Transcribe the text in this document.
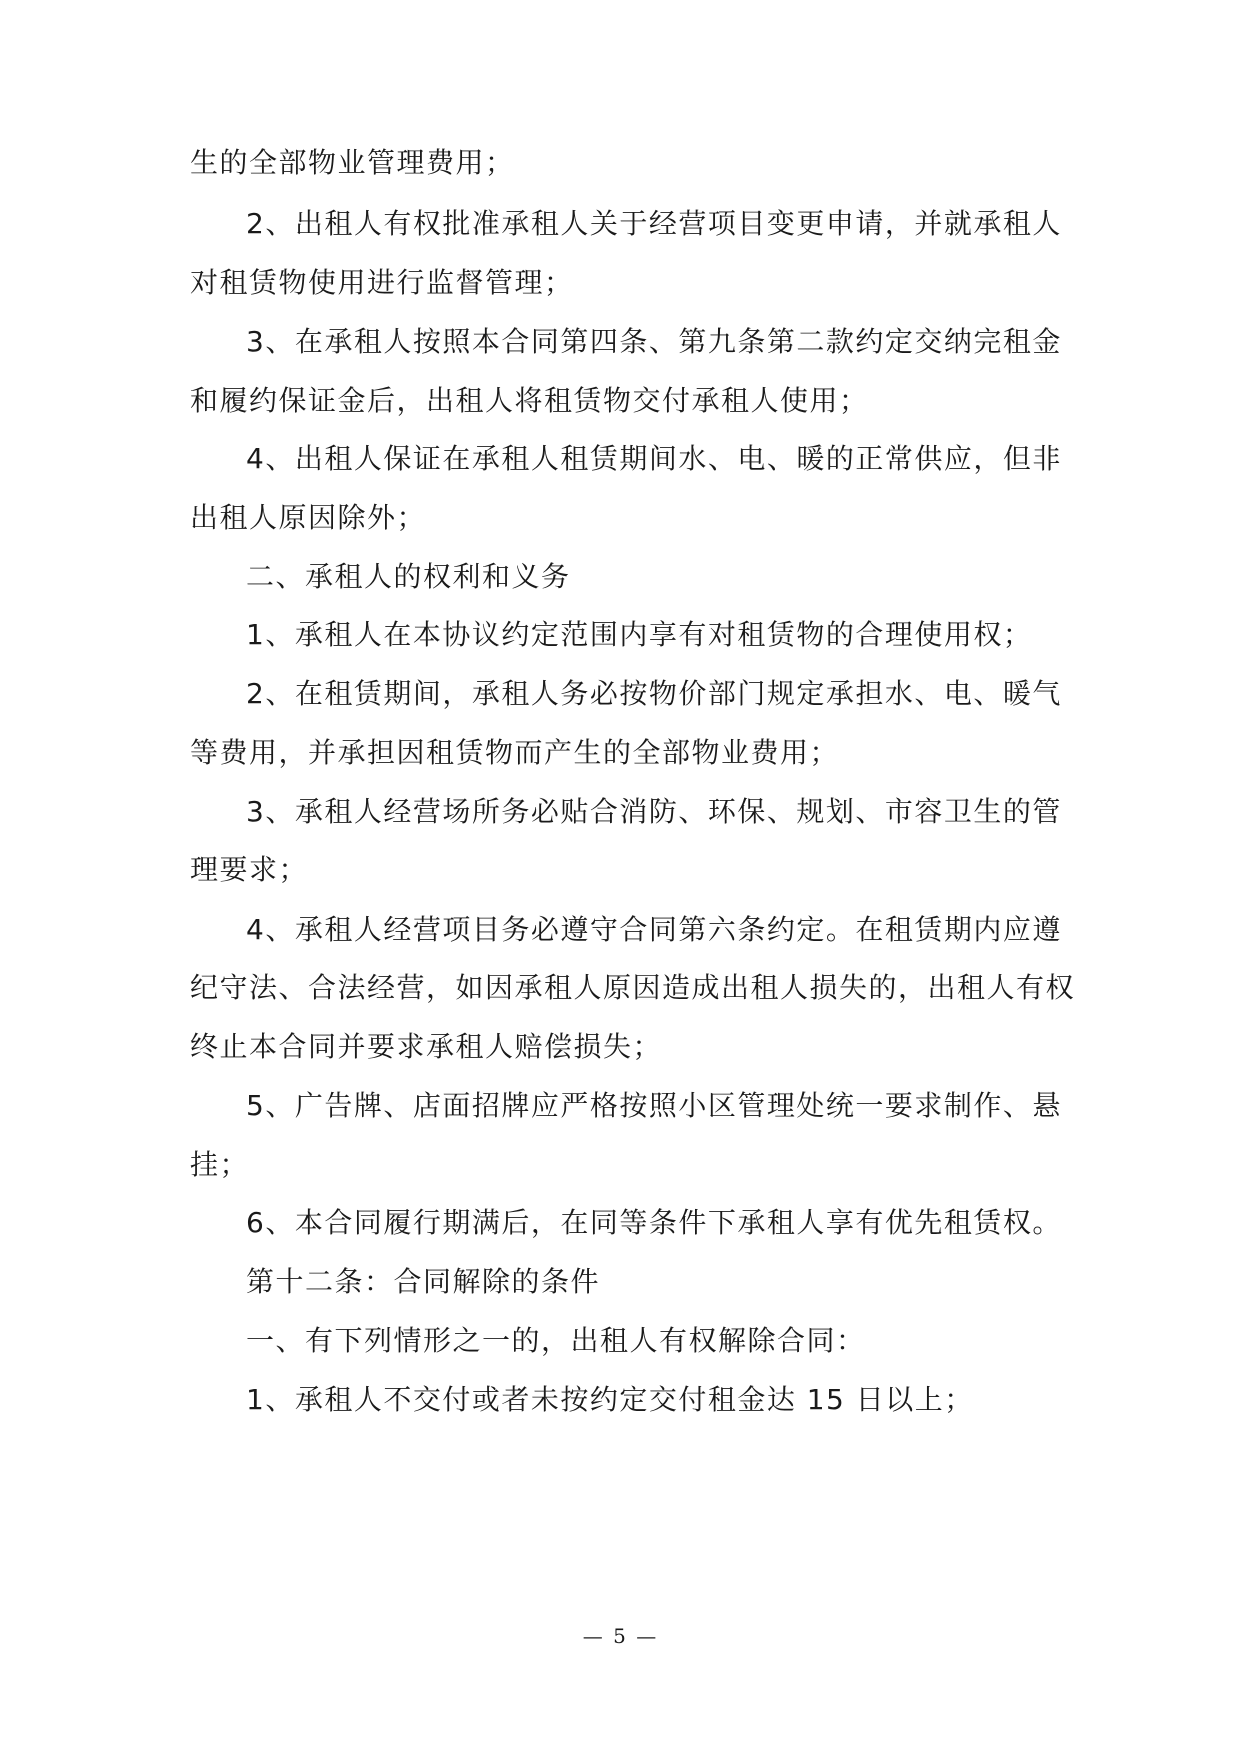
生的全部物业管理费用；
2、出租人有权批准承租人关于经营项目变更申请，并就承租人
对租赁物使用进行监督管理；
3、在承租人按照本合同第四条、第九条第二款约定交纳完租金
和履约保证金后，出租人将租赁物交付承租人使用；
4、出租人保证在承租人租赁期间水、电、暖的正常供应，但非
出租人原因除外；
二、承租人的权利和义务
1、承租人在本协议约定范围内享有对租赁物的合理使用权；
2、在租赁期间，承租人务必按物价部门规定承担水、电、暖气
等费用，并承担因租赁物而产生的全部物业费用；
3、承租人经营场所务必贴合消防、环保、规划、市容卫生的管
理要求；
4、承租人经营项目务必遵守合同第六条约定。在租赁期内应遵
纪守法、合法经营，如因承租人原因造成出租人损失的，出租人有权
终止本合同并要求承租人赔偿损失；
5、广告牌、店面招牌应严格按照小区管理处统一要求制作、悬
挂；
6、本合同履行期满后，在同等条件下承租人享有优先租赁权。
第十二条：合同解除的条件
一、有下列情形之一的，出租人有权解除合同：
1、承租人不交付或者未按约定交付租金达 15 日以上；
— 5 —
